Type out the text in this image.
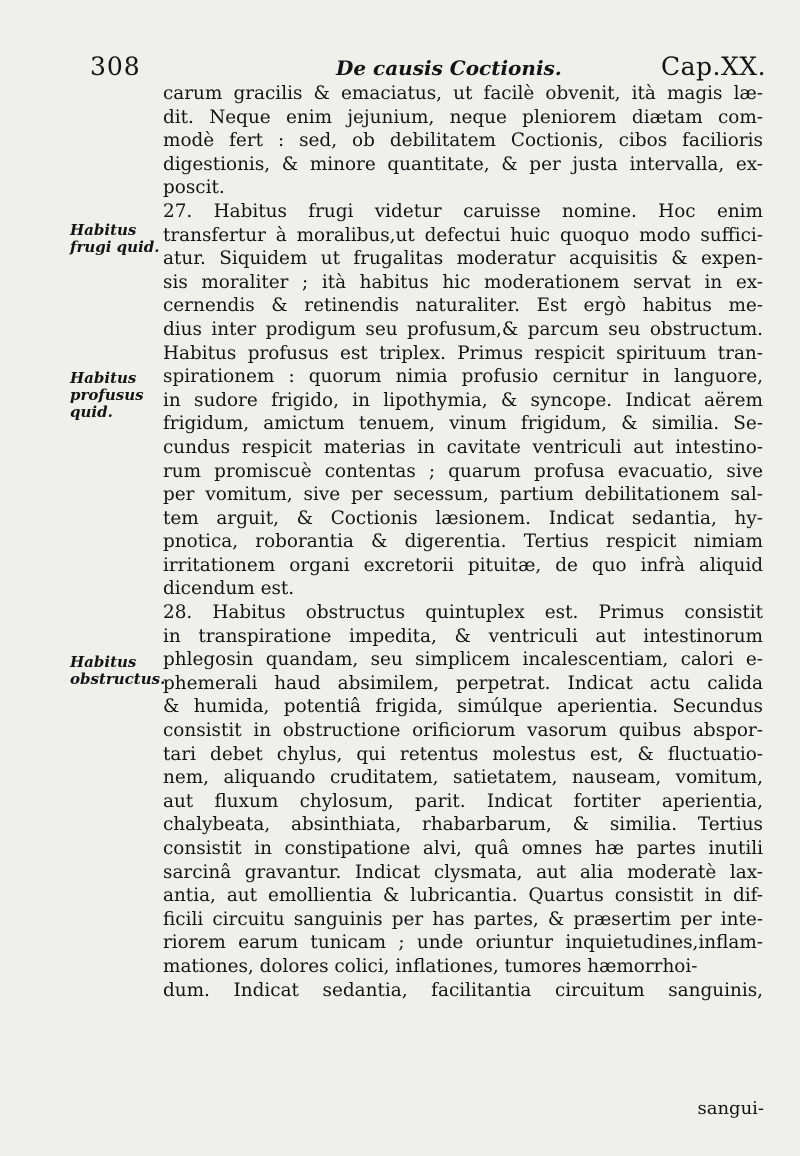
308	De causis Coctionis.	Cap.XX.
Habitus
frugi quid.
Habitus
profusus
quid.
Habitus
obstructus.
carum gracilis & emaciatus, ut facilè obvenit, ità magis læ-
dit. Neque enim jejunium, neque pleniorem diætam com-
modè fert : sed, ob debilitatem Coctionis, cibos facilioris
digestionis, & minore quantitate, & per justa intervalla, ex-
poscit.
27. Habitus frugi videtur caruisse nomine. Hoc enim
transfertur à moralibus,ut defectui huic quoquo modo suffici-
atur. Siquidem ut frugalitas moderatur acquisitis & expen-
sis moraliter ; ità habitus hic moderationem servat in ex-
cernendis & retinendis naturaliter. Est ergò habitus me-
dius inter prodigum seu profusum,& parcum seu obstructum.
Habitus profusus est triplex. Primus respicit spirituum tran-
spirationem : quorum nimia profusio cernitur in languore,
in sudore frigido, in lipothymia, & syncope. Indicat aërem
frigidum, amictum tenuem, vinum frigidum, & similia. Se-
cundus respicit materias in cavitate ventriculi aut intestino-
rum promiscuè contentas ; quarum profusa evacuatio, sive
per vomitum, sive per secessum, partium debilitationem sal-
tem arguit, & Coctionis læsionem. Indicat sedantia, hy-
pnotica, roborantia & digerentia. Tertius respicit nimiam
irritationem organi excretorii pituitæ, de quo infrà aliquid
dicendum est.
28. Habitus obstructus quintuplex est. Primus consistit
in transpiratione impedita, & ventriculi aut intestinorum
phlegosin quandam, seu simplicem incalescentiam, calori e-
phemerali haud absimilem, perpetrat. Indicat actu calida
& humida, potentiâ frigida, simúlque aperientia. Secundus
consistit in obstructione orificiorum vasorum quibus abspor-
tari debet chylus, qui retentus molestus est, & fluctuatio-
nem, aliquando cruditatem, satietatem, nauseam, vomitum,
aut fluxum chylosum, parit. Indicat fortiter aperientia,
chalybeata, absinthiata, rhabarbarum, & similia. Tertius
consistit in constipatione alvi, quâ omnes hæ partes inutili
sarcinâ gravantur. Indicat clysmata, aut alia moderatè lax-
antia, aut emollientia & lubricantia. Quartus consistit in dif-
ficili circuitu sanguinis per has partes, & præsertim per inte-
riorem earum tunicam ; unde oriuntur inquietudines,inflam-
mationes, dolores colici, inflationes, tumores hæmorrhoi-
dum. Indicat sedantia, facilitantia circuitum sanguinis,
sangui-
